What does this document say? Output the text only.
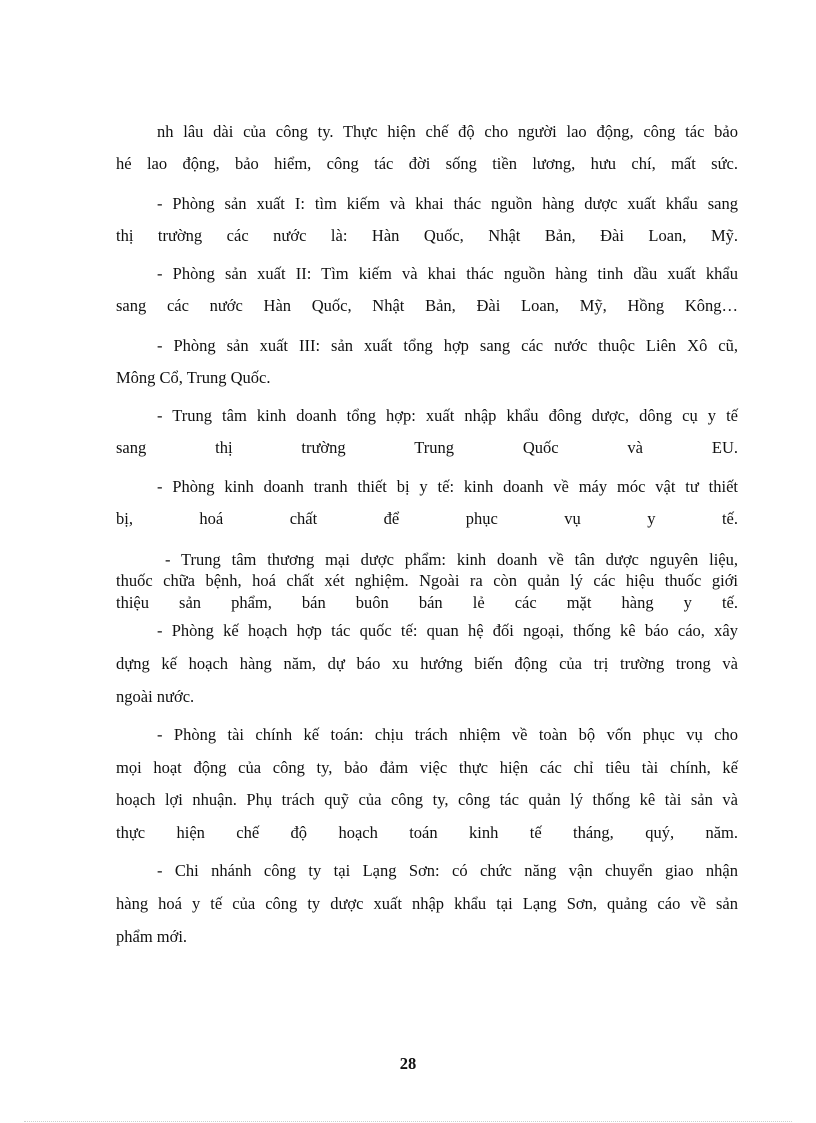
nh lâu dài của công ty. Thực hiện chế độ cho người lao động, công tác bảo
hé lao động, bảo hiểm, công tác đời sống tiền lương, hưu chí, mất sức.
- Phòng sản xuất I: tìm kiếm và khai thác nguồn hàng dược xuất khẩu sang
thị trường các nước là: Hàn Quốc, Nhật Bản, Đài Loan, Mỹ.
- Phòng sản xuất II: Tìm kiếm và khai thác nguồn hàng tinh dầu xuất khẩu
sang các nước Hàn Quốc, Nhật Bản, Đài Loan, Mỹ, Hồng Kông…
- Phòng sản xuất III: sản xuất tổng hợp sang các nước thuộc Liên Xô cũ,
Mông Cổ, Trung Quốc.
- Trung tâm kinh doanh tổng hợp: xuất nhập khẩu đông dược, dông cụ y tế
sang thị trường Trung Quốc và EU.
- Phòng kinh doanh tranh thiết bị y tế: kinh doanh về máy móc vật tư thiết
bị, hoá chất để phục vụ y tế.
- Trung tâm thương mại dược phẩm: kinh doanh về tân dược nguyên liệu,
thuốc chữa bệnh, hoá chất xét nghiệm. Ngoài ra còn quản lý các hiệu thuốc giới
thiệu sản phẩm, bán buôn bán lẻ các mặt hàng y tế.
- Phòng kế hoạch hợp tác quốc tế: quan hệ đối ngoại, thống kê báo cáo, xây
dựng kế hoạch hàng năm, dự báo xu hướng biến động của trị trường trong và
ngoài nước.
- Phòng tài chính kế toán: chịu trách nhiệm về toàn bộ vốn phục vụ cho
mọi hoạt động của công ty, bảo đảm việc thực hiện các chỉ tiêu tài chính, kế
hoạch lợi nhuận. Phụ trách quỹ của công ty, công tác quản lý thống kê tài sản và
thực hiện chế độ hoạch toán kinh tế tháng, quý, năm.
- Chi nhánh công ty tại Lạng Sơn: có chức năng vận chuyển giao nhận
hàng hoá y tế của công ty dược xuất nhập khẩu tại Lạng Sơn, quảng cáo về sản
phẩm mới.
28
